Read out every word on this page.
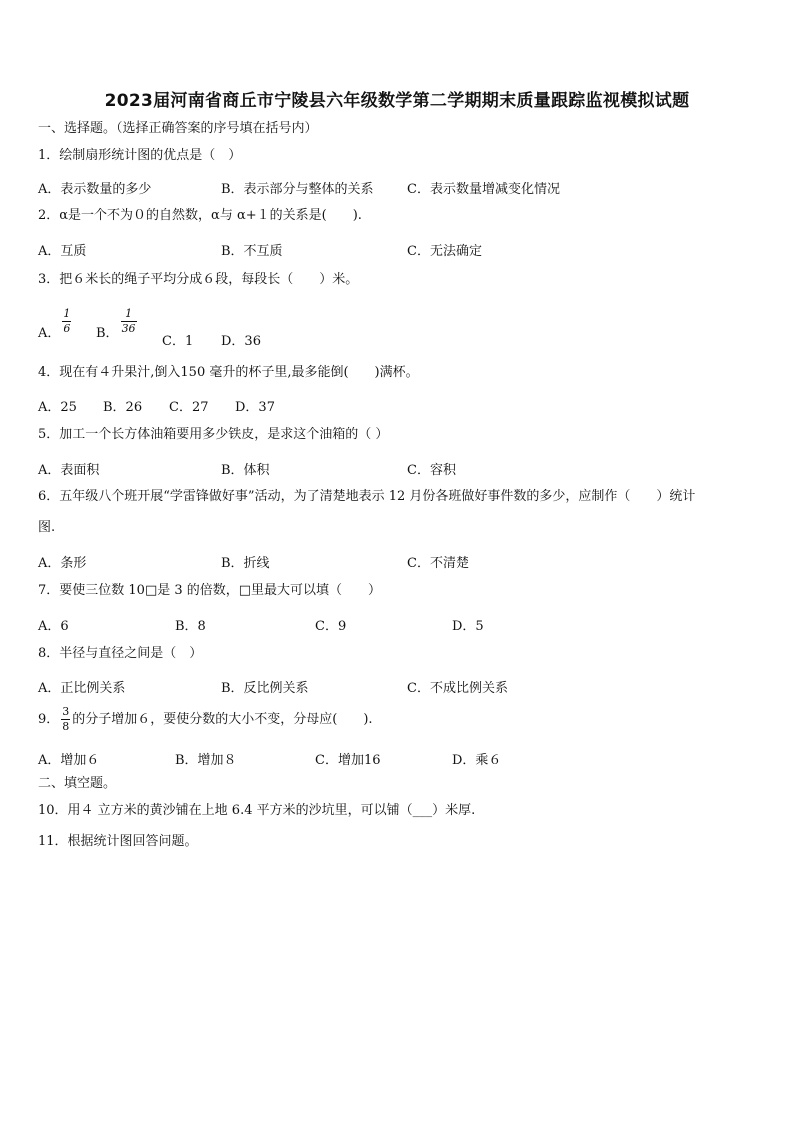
2023届河南省商丘市宁陵县六年级数学第二学期期末质量跟踪监视模拟试题
一、选择题。（选择正确答案的序号填在括号内）
1．绘制扇形统计图的优点是（　）
A．表示数量的多少	B．表示部分与整体的关系	C．表示数量增减变化情况
2．α是一个不为０的自然数，α与 α+１的关系是(　　).
A．互质	B．不互质	C．无法确定
3．把６米长的绳子平均分成６段，每段长（　　）米。
A． $\frac{1}{6}$ B． $\frac{1}{36}$
C．1 D．36
4．现在有４升果汁,倒入150 毫升的杯子里,最多能倒(　　)满杯。
A．25 B．26 C．27 D．37
5．加工一个长方体油箱要用多少铁皮，是求这个油箱的（ ）
A．表面积	B．体积	C．容积
6．五年级八个班开展“学雷锋做好事”活动，为了清楚地表示 12 月份各班做好事件数的多少，应制作（　　）统计
图.
A．条形	B．折线	C．不清楚
7．要使三位数 10□是 3 的倍数，□里最大可以填（　　）
A．6	B．8	C．9	D．5
8．半径与直径之间是（　）
A．正比例关系	B．反比例关系	C．不成比例关系
9． $\frac{3}{8}$ 的分子增加６，要使分数的大小不变，分母应(　　).
A．增加６	B．增加８	C．增加16	D．乘６
二、填空题。
10．用４ 立方米的黄沙铺在上地 6.4 平方米的沙坑里，可以铺（___）米厚.
11．根据统计图回答问题。
